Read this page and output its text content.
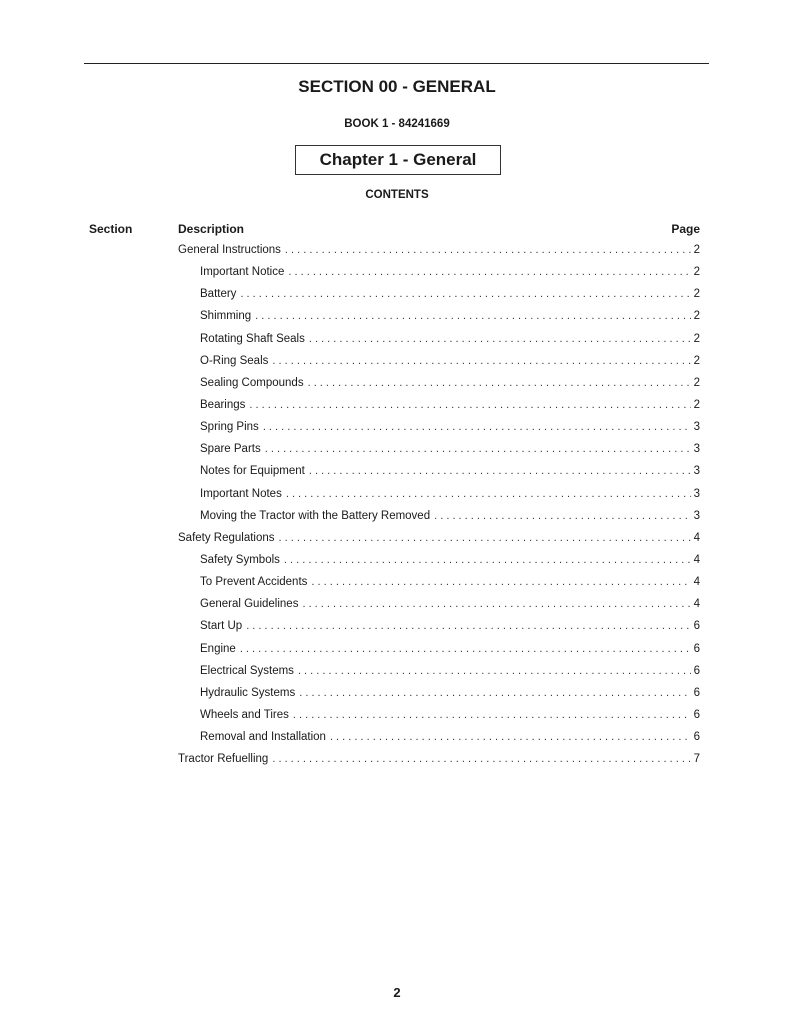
SECTION 00 - GENERAL
BOOK 1 - 84241669
Chapter 1 - General
CONTENTS
Section	Description	Page
General Instructions . . .	2
Important Notice . . .	2
Battery . . .	2
Shimming . . .	2
Rotating Shaft Seals . . .	2
O-Ring Seals . . .	2
Sealing Compounds . . .	2
Bearings . . .	2
Spring Pins . . .	3
Spare Parts . . .	3
Notes for Equipment . . .	3
Important Notes . . .	3
Moving the Tractor with the Battery Removed . . .	3
Safety Regulations . . .	4
Safety Symbols . . .	4
To Prevent Accidents . . .	4
General Guidelines . . .	4
Start Up . . .	6
Engine . . .	6
Electrical Systems . . .	6
Hydraulic Systems . . .	6
Wheels and Tires . . .	6
Removal and Installation . . .	6
Tractor Refuelling . . .	7
2
